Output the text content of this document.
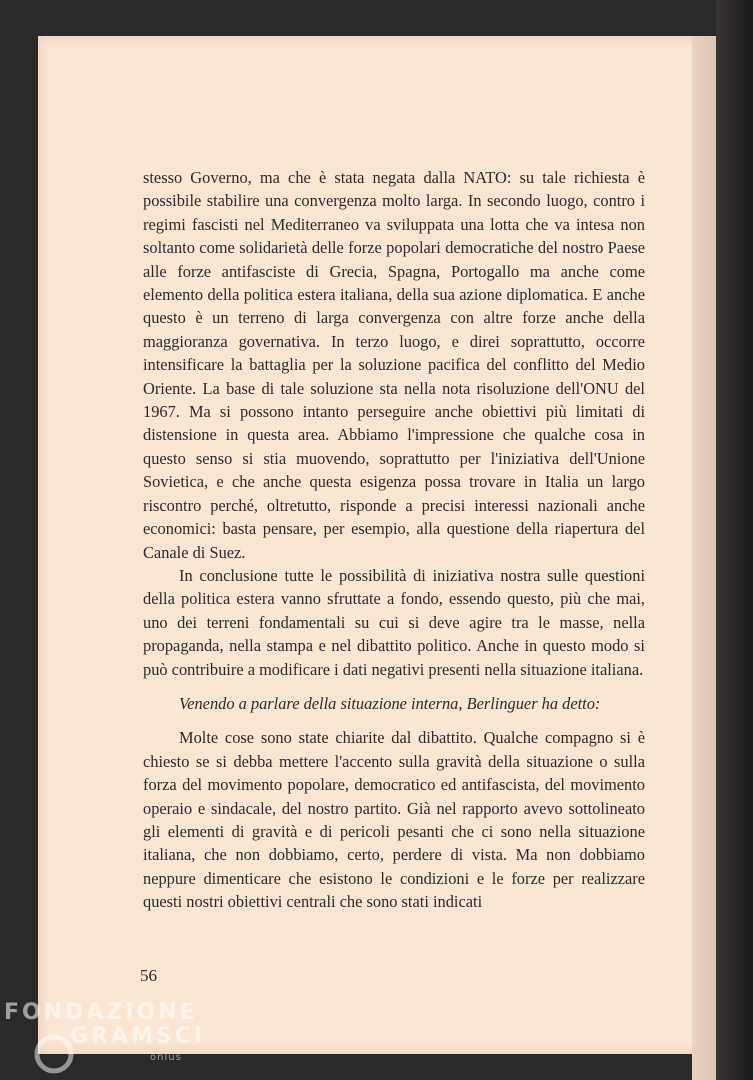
stesso Governo, ma che è stata negata dalla NATO: su tale richiesta è possibile stabilire una convergenza molto larga. In secondo luogo, contro i regimi fascisti nel Mediterraneo va sviluppata una lotta che va intesa non soltanto come solidarietà delle forze popolari democratiche del nostro Paese alle forze antifasciste di Grecia, Spagna, Portogallo ma anche come elemento della politica estera italiana, della sua azione diplomatica. E anche questo è un terreno di larga convergenza con altre forze anche della maggioranza governativa. In terzo luogo, e direi soprattutto, occorre intensificare la battaglia per la soluzione pacifica del conflitto del Medio Oriente. La base di tale soluzione sta nella nota risoluzione dell'ONU del 1967. Ma si possono intanto perseguire anche obiettivi più limitati di distensione in questa area. Abbiamo l'impressione che qualche cosa in questo senso si stia muovendo, soprattutto per l'iniziativa dell'Unione Sovietica, e che anche questa esigenza possa trovare in Italia un largo riscontro perché, oltretutto, risponde a precisi interessi nazionali anche economici: basta pensare, per esempio, alla questione della riapertura del Canale di Suez.

In conclusione tutte le possibilità di iniziativa nostra sulle questioni della politica estera vanno sfruttate a fondo, essendo questo, più che mai, uno dei terreni fondamentali su cui si deve agire tra le masse, nella propaganda, nella stampa e nel dibattito politico. Anche in questo modo si può contribuire a modificare i dati negativi presenti nella situazione italiana.

Venendo a parlare della situazione interna, Berlinguer ha detto:

Molte cose sono state chiarite dal dibattito. Qualche compagno si è chiesto se si debba mettere l'accento sulla gravità della situazione o sulla forza del movimento popolare, democratico ed antifascista, del movimento operaio e sindacale, del nostro partito. Già nel rapporto avevo sottolineato gli elementi di gravità e di pericoli pesanti che ci sono nella situazione italiana, che non dobbiamo, certo, perdere di vista. Ma non dobbiamo neppure dimenticare che esistono le condizioni e le forze per realizzare questi nostri obiettivi centrali che sono stati indicati

56
FONDAZIONE
GRAMSCI
onlus
